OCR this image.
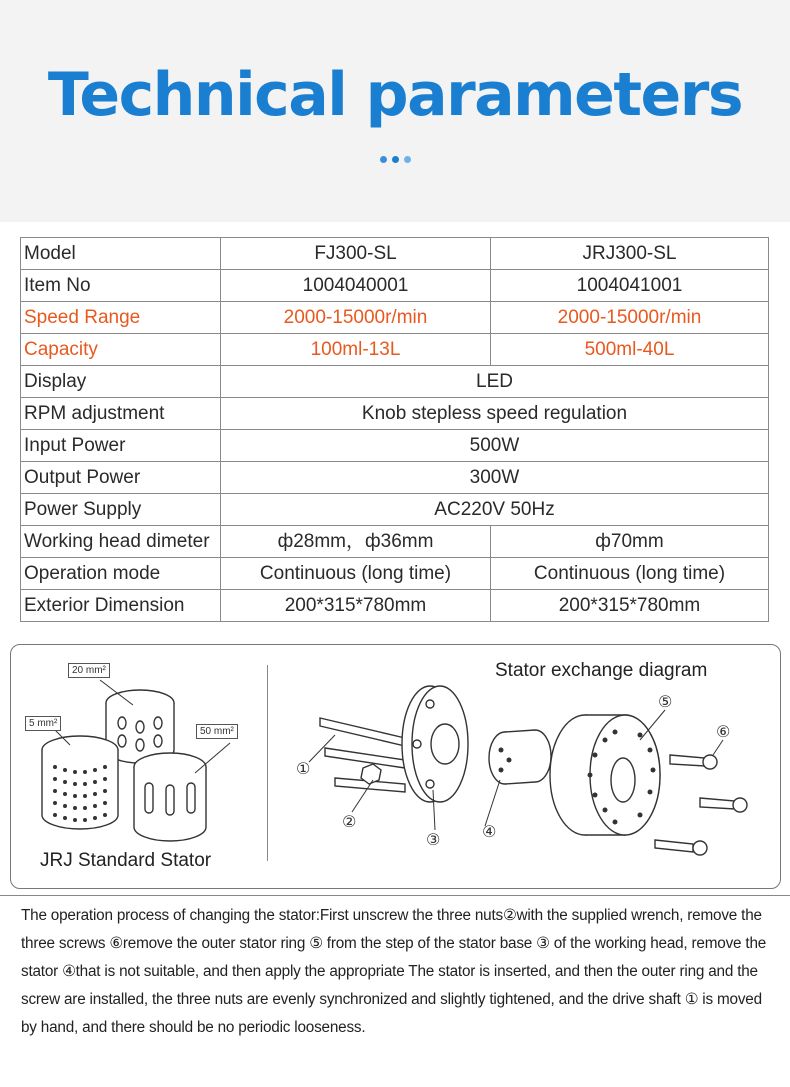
Technical parameters
Model	FJ300-SL	JRJ300-SL
Item No	1004040001	1004041001
Speed Range	2000-15000r/min	2000-15000r/min
Capacity	100ml-13L	500ml-40L
Display	LED	
RPM adjustment	Knob stepless speed regulation	
Input Power	500W	
Output Power	300W	
Power Supply	AC220V 50Hz	
Working head dimeter	ф28mm，ф36mm	ф70mm
Operation mode	Continuous (long time)	Continuous (long time)
Exterior Dimension	200*315*780mm	200*315*780mm
20 mm²
5 mm²
50 mm²
JRJ Standard Stator
Stator exchange diagram
①
②
③	④
⑤
⑥

The operation process of changing the stator:First unscrew the three nuts②with the supplied wrench, remove the three screws ⑥remove the outer stator ring ⑤ from the step of the stator base ③ of the working head, remove the stator ④that is not suitable, and then apply the appropriate The stator is inserted, and then the outer ring and the screw are installed, the three nuts are evenly synchronized and slightly tightened, and the drive shaft ① is moved by hand, and there should be no periodic looseness.
